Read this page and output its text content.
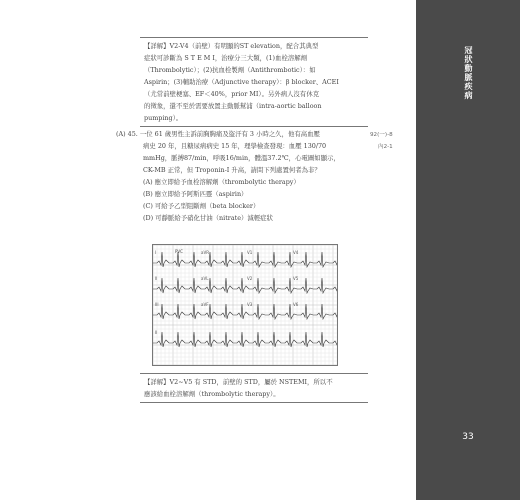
冠狀動脈疾病
33

【詳解】V2-V4（前壁）有明顯的ST elevation，配合其典型

症狀可診斷為 S T E M I，治療分三大類，(1)血栓溶解劑

（Thrombolytic）；(2)抗血栓製劑（Antithrombotic）：如

Aspirin；(3)輔助治療（Adjunctive therapy）：β blocker、ACEI

（尤常前壁梗塞、EF＜40%，prior MI）。另外病人沒有休克

的徵象，還不至於需要放置主動脈幫浦（intra-aortic balloon

pumping）。

(A) 45. 一位 61 歲男性主訴前胸胸痛及盜汗有 3 小時之久，他有高血壓

病史 20 年，且糖尿病病史 15 年，理學檢查發現：血壓 130/70

mmHg，脈搏87/min，呼吸16/min，體溫37.2℃，心電圖如顯示，

CK-MB 正常，但 Troponin-I 升高，請問下列處置何者為非？

92(一)-8
內2-1

(A) 應立即給予血栓溶解劑（thrombolytic therapy）

(B) 應立即給予阿斯匹靈（aspirin）

(C) 可給予乙型阻斷劑（beta blocker）

(D) 可靜脈給予硝化甘油（nitrate）減輕症狀

I	aVR	V1	V4
II	aVL	V2	V5
III	aVF	V3	V6
II
PVC

【詳解】V2~V5 有 STD，前壁的 STD，屬於 NSTEMI，所以不

應該給血栓溶解劑（thrombolytic therapy）。
